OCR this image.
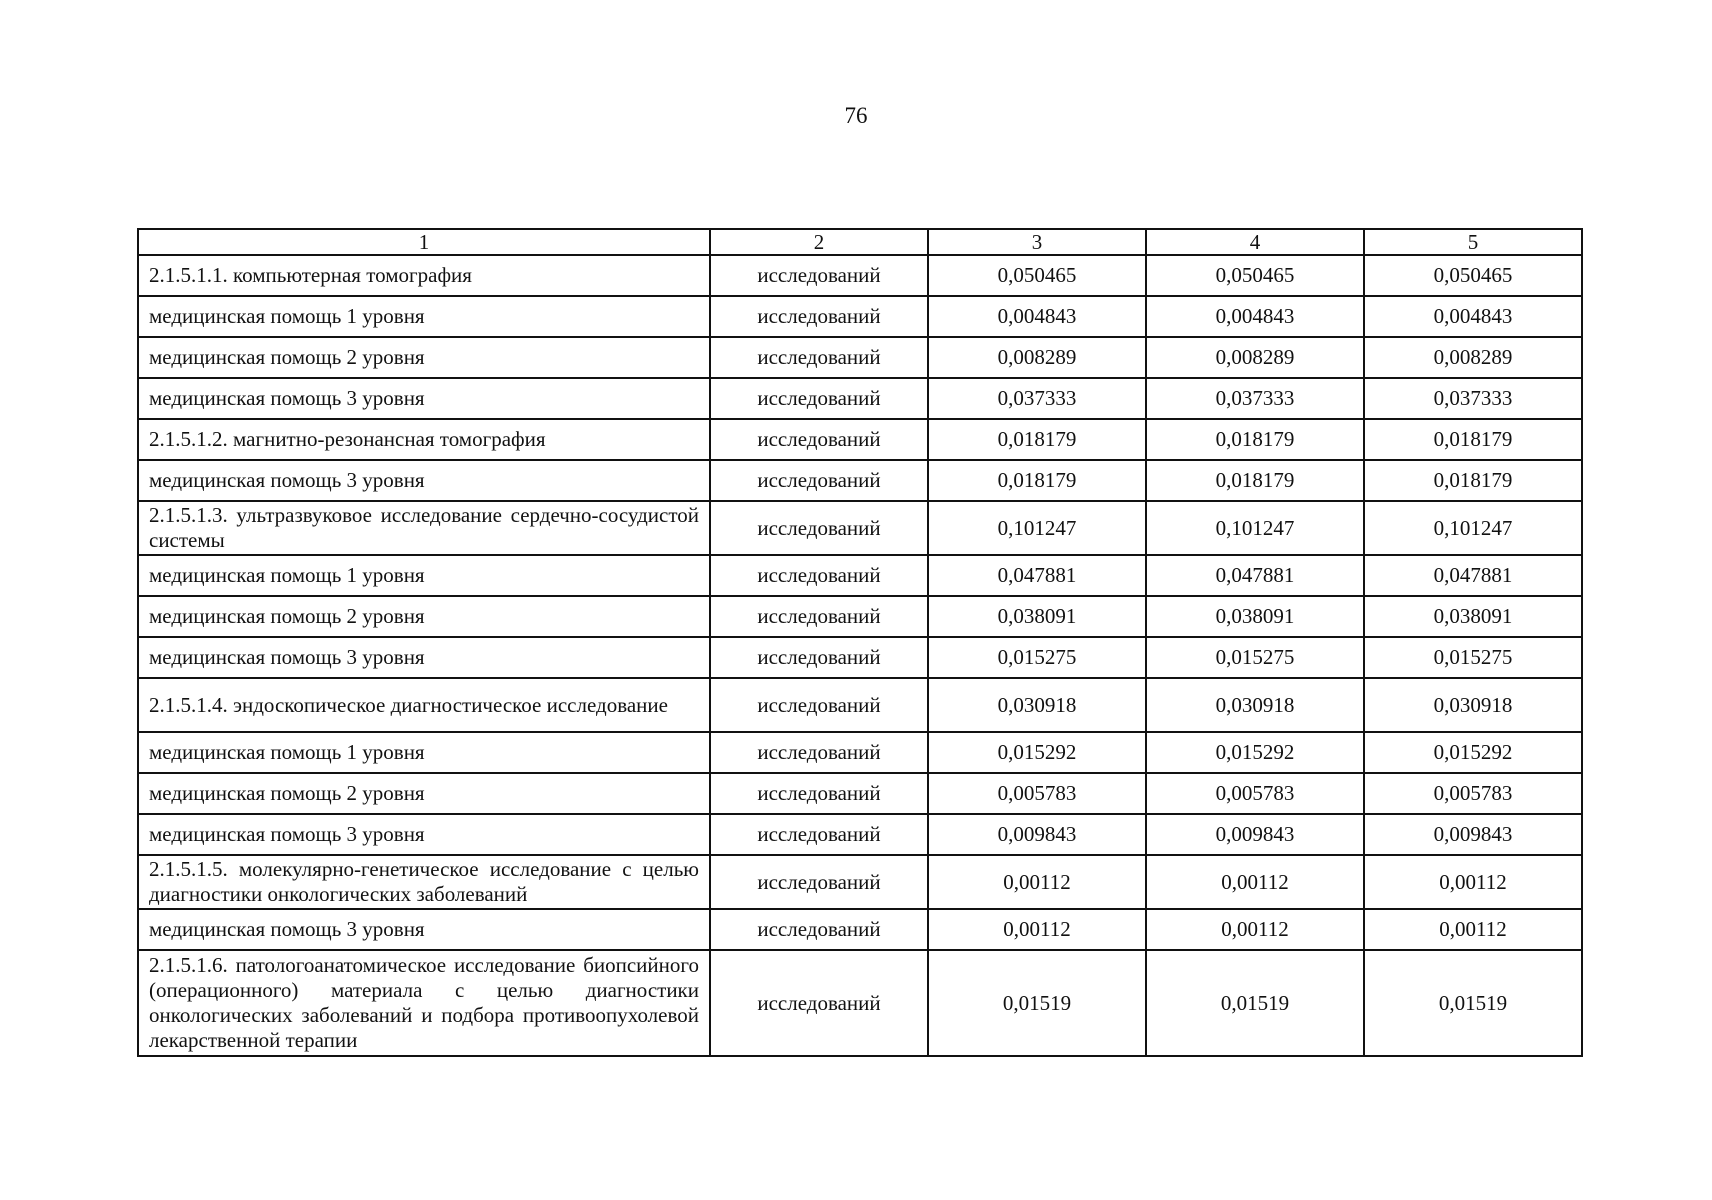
76
1	2	3	4	5
2.1.5.1.1. компьютерная томография	исследований	0,050465	0,050465	0,050465
медицинская помощь 1 уровня	исследований	0,004843	0,004843	0,004843
медицинская помощь 2 уровня	исследований	0,008289	0,008289	0,008289
медицинская помощь 3 уровня	исследований	0,037333	0,037333	0,037333
2.1.5.1.2. магнитно-резонансная томография	исследований	0,018179	0,018179	0,018179
медицинская помощь 3 уровня	исследований	0,018179	0,018179	0,018179
2.1.5.1.3. ультразвуковое исследование сердечно-сосудистой системы	исследований	0,101247	0,101247	0,101247
медицинская помощь 1 уровня	исследований	0,047881	0,047881	0,047881
медицинская помощь 2 уровня	исследований	0,038091	0,038091	0,038091
медицинская помощь 3 уровня	исследований	0,015275	0,015275	0,015275
2.1.5.1.4. эндоскопическое диагностическое исследование	исследований	0,030918	0,030918	0,030918
медицинская помощь 1 уровня	исследований	0,015292	0,015292	0,015292
медицинская помощь 2 уровня	исследований	0,005783	0,005783	0,005783
медицинская помощь 3 уровня	исследований	0,009843	0,009843	0,009843
2.1.5.1.5. молекулярно-генетическое исследование с целью диагностики онкологических заболеваний	исследований	0,00112	0,00112	0,00112
медицинская помощь 3 уровня	исследований	0,00112	0,00112	0,00112
2.1.5.1.6. патологоанатомическое исследование биопсийного (операционного) материала с целью диагностики онкологических заболеваний и подбора противоопухолевой лекарственной терапии	исследований	0,01519	0,01519	0,01519
